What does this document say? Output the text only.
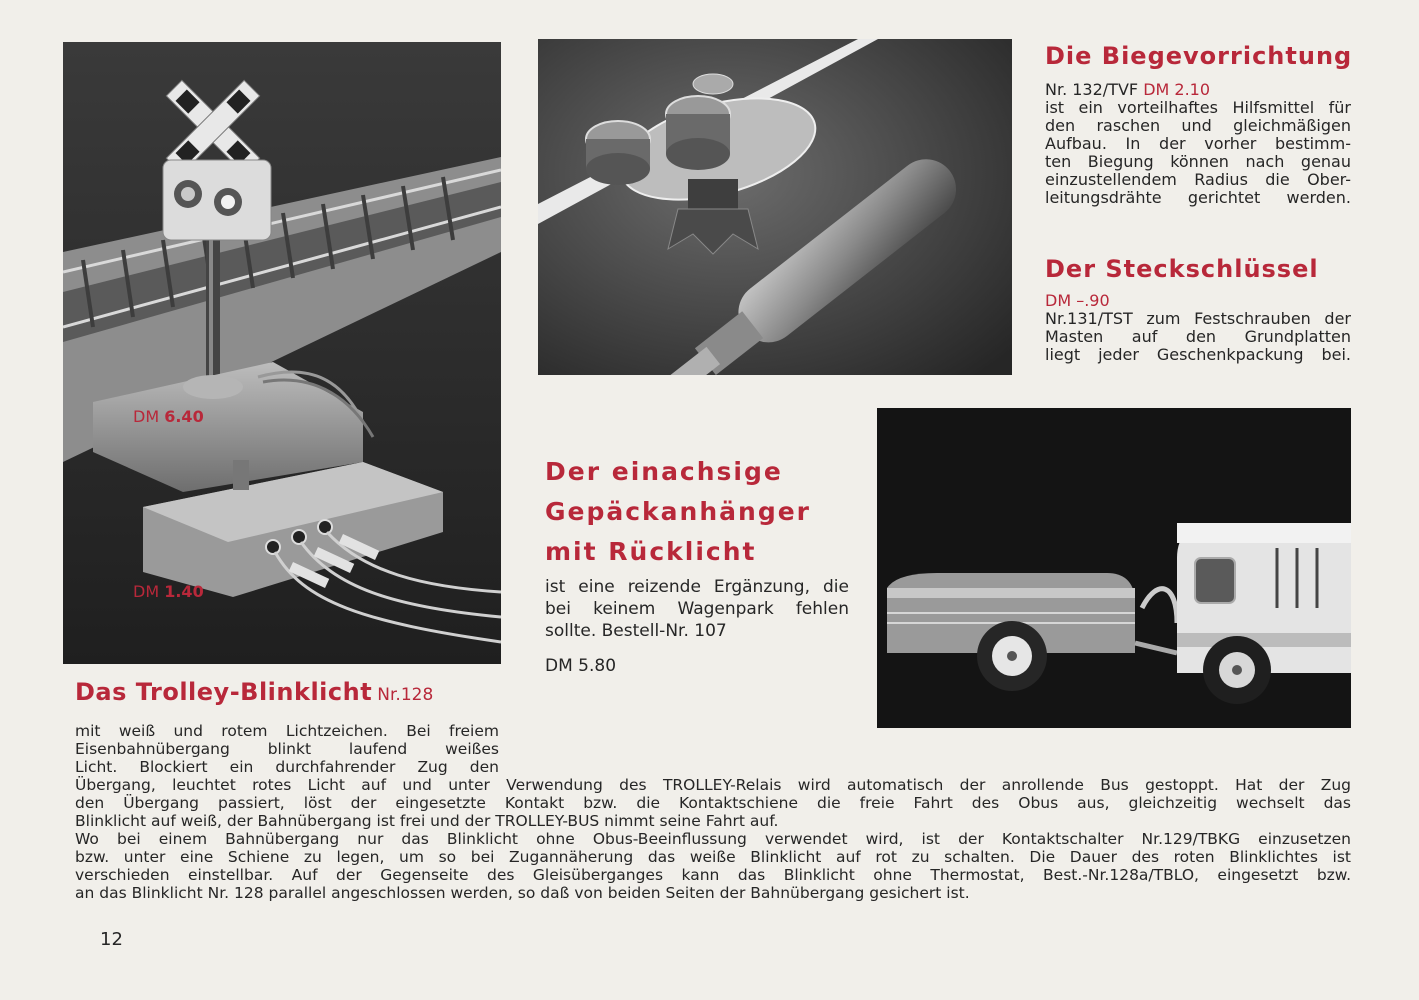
DM 6.40
DM 1.40
Die Biegevorrichtung

Nr. 132/TVF DM 2.10

ist ein vorteilhaftes Hilfsmittel für

den raschen und gleichmäßigen

Aufbau. In der vorher bestimm-

ten Biegung können nach genau

einzustellendem Radius die Ober-

leitungsdrähte gerichtet werden.

Der Steckschlüssel

DM –.90

Nr.131/TST zum Festschrauben der

Masten auf den Grundplatten

liegt jeder Geschenkpackung bei.

Der einachsige
Gepäckanhänger
mit Rücklicht

ist eine reizende Ergänzung, die

bei keinem Wagenpark fehlen

sollte. Bestell-Nr. 107

DM 5.80
Das Trolley-Blinklicht Nr.128

mit weiß und rotem Lichtzeichen. Bei freiem

Eisenbahnübergang blinkt laufend weißes

Licht. Blockiert ein durchfahrender Zug den

Übergang, leuchtet rotes Licht auf und unter Verwendung des TROLLEY-Relais wird automatisch der anrollende Bus gestoppt. Hat der Zug

den Übergang passiert, löst der eingesetzte Kontakt bzw. die Kontaktschiene die freie Fahrt des Obus aus, gleichzeitig wechselt das

Blinklicht auf weiß, der Bahnübergang ist frei und der TROLLEY-BUS nimmt seine Fahrt auf.

Wo bei einem Bahnübergang nur das Blinklicht ohne Obus-Beeinflussung verwendet wird, ist der Kontaktschalter Nr.129/TBKG einzusetzen

bzw. unter eine Schiene zu legen, um so bei Zugannäherung das weiße Blinklicht auf rot zu schalten. Die Dauer des roten Blinklichtes ist

verschieden einstellbar. Auf der Gegenseite des Gleisüberganges kann das Blinklicht ohne Thermostat, Best.-Nr.128a/TBLO, eingesetzt bzw.

an das Blinklicht Nr. 128 parallel angeschlossen werden, so daß von beiden Seiten der Bahnübergang gesichert ist.

12
